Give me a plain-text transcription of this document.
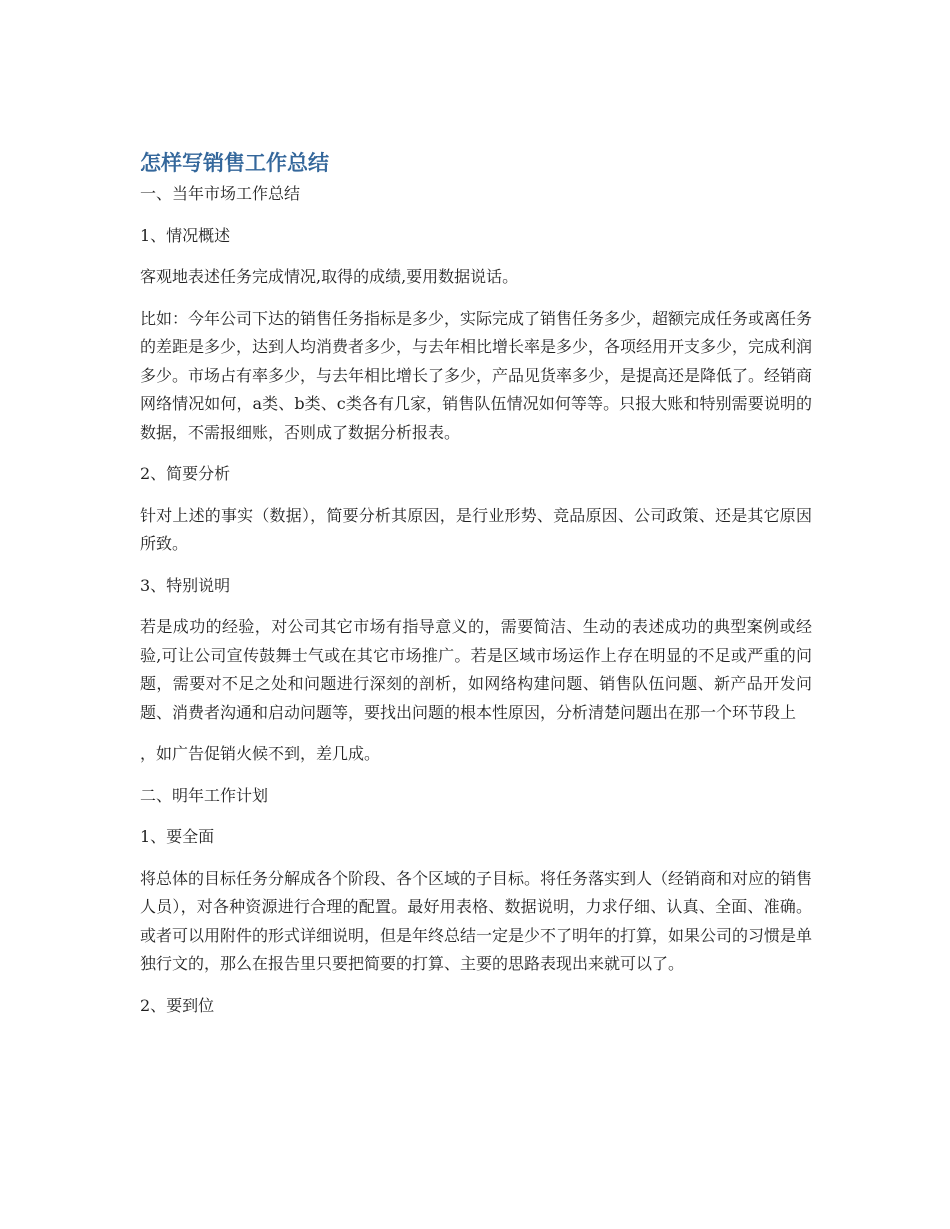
怎样写销售工作总结

一、当年市场工作总结

1、情况概述

客观地表述任务完成情况,取得的成绩,要用数据说话。

比如：今年公司下达的销售任务指标是多少，实际完成了销售任务多少，超额完成任务或离任务的差距是多少，达到人均消费者多少，与去年相比增长率是多少，各项经用开支多少，完成利润多少。市场占有率多少，与去年相比增长了多少，产品见货率多少，是提高还是降低了。经销商网络情况如何，a类、b类、c类各有几家，销售队伍情况如何等等。只报大账和特别需要说明的数据，不需报细账，否则成了数据分析报表。

2、简要分析

针对上述的事实（数据），简要分析其原因，是行业形势、竞品原因、公司政策、还是其它原因所致。

3、特别说明

若是成功的经验，对公司其它市场有指导意义的，需要简洁、生动的表述成功的典型案例或经验,可让公司宣传鼓舞士气或在其它市场推广。若是区域市场运作上存在明显的不足或严重的问题，需要对不足之处和问题进行深刻的剖析，如网络构建问题、销售队伍问题、新产品开发问题、消费者沟通和启动问题等，要找出问题的根本性原因，分析清楚问题出在那一个环节段上

，如广告促销火候不到，差几成。

二、明年工作计划

1、要全面

将总体的目标任务分解成各个阶段、各个区域的子目标。将任务落实到人（经销商和对应的销售人员），对各种资源进行合理的配置。最好用表格、数据说明，力求仔细、认真、全面、准确。或者可以用附件的形式详细说明，但是年终总结一定是少不了明年的打算，如果公司的习惯是单独行文的，那么在报告里只要把简要的打算、主要的思路表现出来就可以了。

2、要到位
